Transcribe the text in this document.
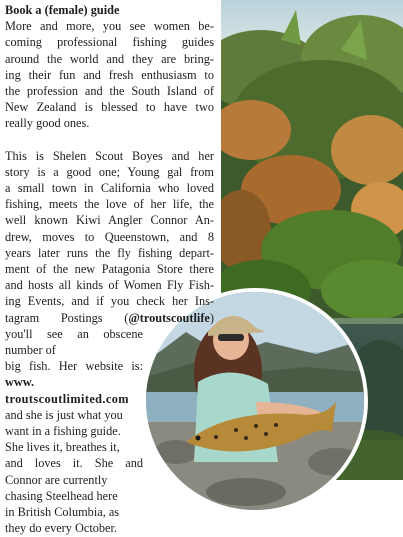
Book a (female) guide
More and more, you see women be-
coming professional fishing guides
around the world and they are bring-
ing their fun and fresh enthusiasm to
the profession and the South Island of
New Zealand is blessed to have two
really good ones.
This is Shelen Scout Boyes and her
story is a good one; Young gal from
a small town in California who loved
fishing, meets the love of her life, the
well known Kiwi Angler Connor An-
drew, moves to Queenstown, and 8
years later runs the fly fishing depart-
ment of the new Patagonia Store there
and hosts all kinds of Women Fly Fish-
ing Events, and if you check her Ins-
tagram Postings (@troutscoutlife)
you'll see an obscene number of
big fish. Her website is: www.
troutscoutlimited.com
and she is just what you
want in a fishing guide.
She lives it, breathes it,
and loves it. She and
Connor are currently
chasing Steelhead here
in British Columbia, as
they do every October.
